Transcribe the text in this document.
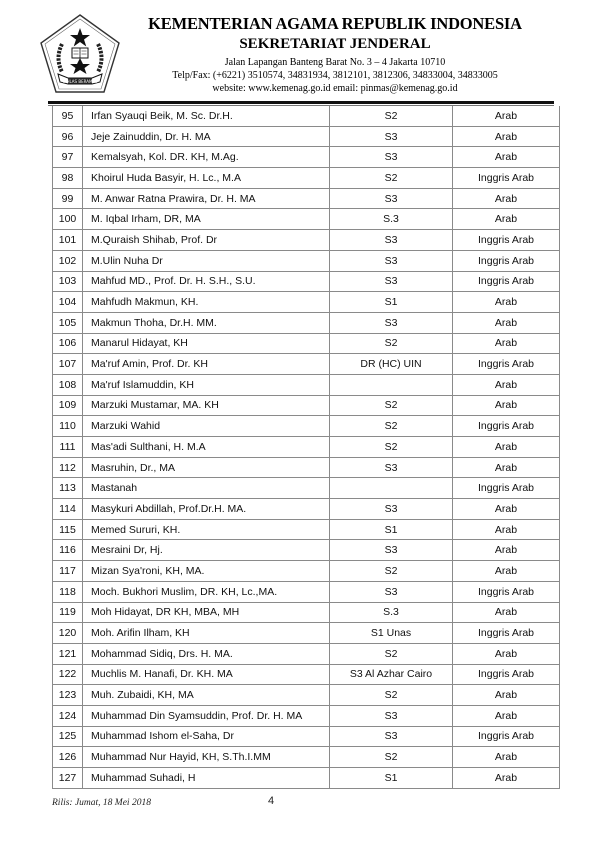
IKHLAS BERAMAL
KEMENTERIAN AGAMA REPUBLIK INDONESIA
SEKRETARIAT JENDERAL
Jalan Lapangan Banteng Barat No. 3 – 4 Jakarta 10710
Telp/Fax: (+6221) 3510574, 34831934, 3812101, 3812306, 34833004, 34833005
website: www.kemenag.go.id email: pinmas@kemenag.go.id
95	Irfan Syauqi Beik, M. Sc. Dr.H.	S2	Arab
96	Jeje Zainuddin, Dr. H. MA	S3	Arab
97	Kemalsyah, Kol. DR. KH, M.Ag.	S3	Arab
98	Khoirul Huda Basyir, H. Lc., M.A	S2	Inggris Arab
99	M. Anwar Ratna Prawira, Dr. H. MA	S3	Arab
100	M. Iqbal Irham, DR, MA	S.3	Arab
101	M.Quraish Shihab, Prof. Dr	S3	Inggris Arab
102	M.Ulin Nuha Dr	S3	Inggris Arab
103	Mahfud MD., Prof. Dr. H. S.H., S.U.	S3	Inggris Arab
104	Mahfudh Makmun, KH.	S1	Arab
105	Makmun Thoha, Dr.H. MM.	S3	Arab
106	Manarul Hidayat, KH	S2	Arab
107	Ma'ruf Amin, Prof. Dr. KH	DR (HC) UIN	Inggris Arab
108	Ma'ruf Islamuddin, KH		Arab
109	Marzuki Mustamar, MA. KH	S2	Arab
110	Marzuki Wahid	S2	Inggris Arab
111	Mas'adi Sulthani, H. M.A	S2	Arab
112	Masruhin, Dr., MA	S3	Arab
113	Mastanah		Inggris Arab
114	Masykuri Abdillah, Prof.Dr.H. MA.	S3	Arab
115	Memed Sururi, KH.	S1	Arab
116	Mesraini Dr, Hj.	S3	Arab
117	Mizan Sya'roni, KH, MA.	S2	Arab
118	Moch. Bukhori Muslim, DR. KH, Lc.,MA.	S3	Inggris Arab
119	Moh Hidayat, DR KH, MBA, MH	S.3	Arab
120	Moh. Arifin Ilham, KH	S1 Unas	Inggris Arab
121	Mohammad Sidiq, Drs. H. MA.	S2	Arab
122	Muchlis M. Hanafi, Dr. KH. MA	S3 Al Azhar Cairo	Inggris Arab
123	Muh. Zubaidi, KH, MA	S2	Arab
124	Muhammad Din Syamsuddin, Prof. Dr. H. MA	S3	Arab
125	Muhammad Ishom el-Saha, Dr	S3	Inggris Arab
126	Muhammad Nur Hayid, KH, S.Th.I.MM	S2	Arab
127	Muhammad Suhadi, H	S1	Arab
Rilis: Jumat, 18 Mei 2018	4
